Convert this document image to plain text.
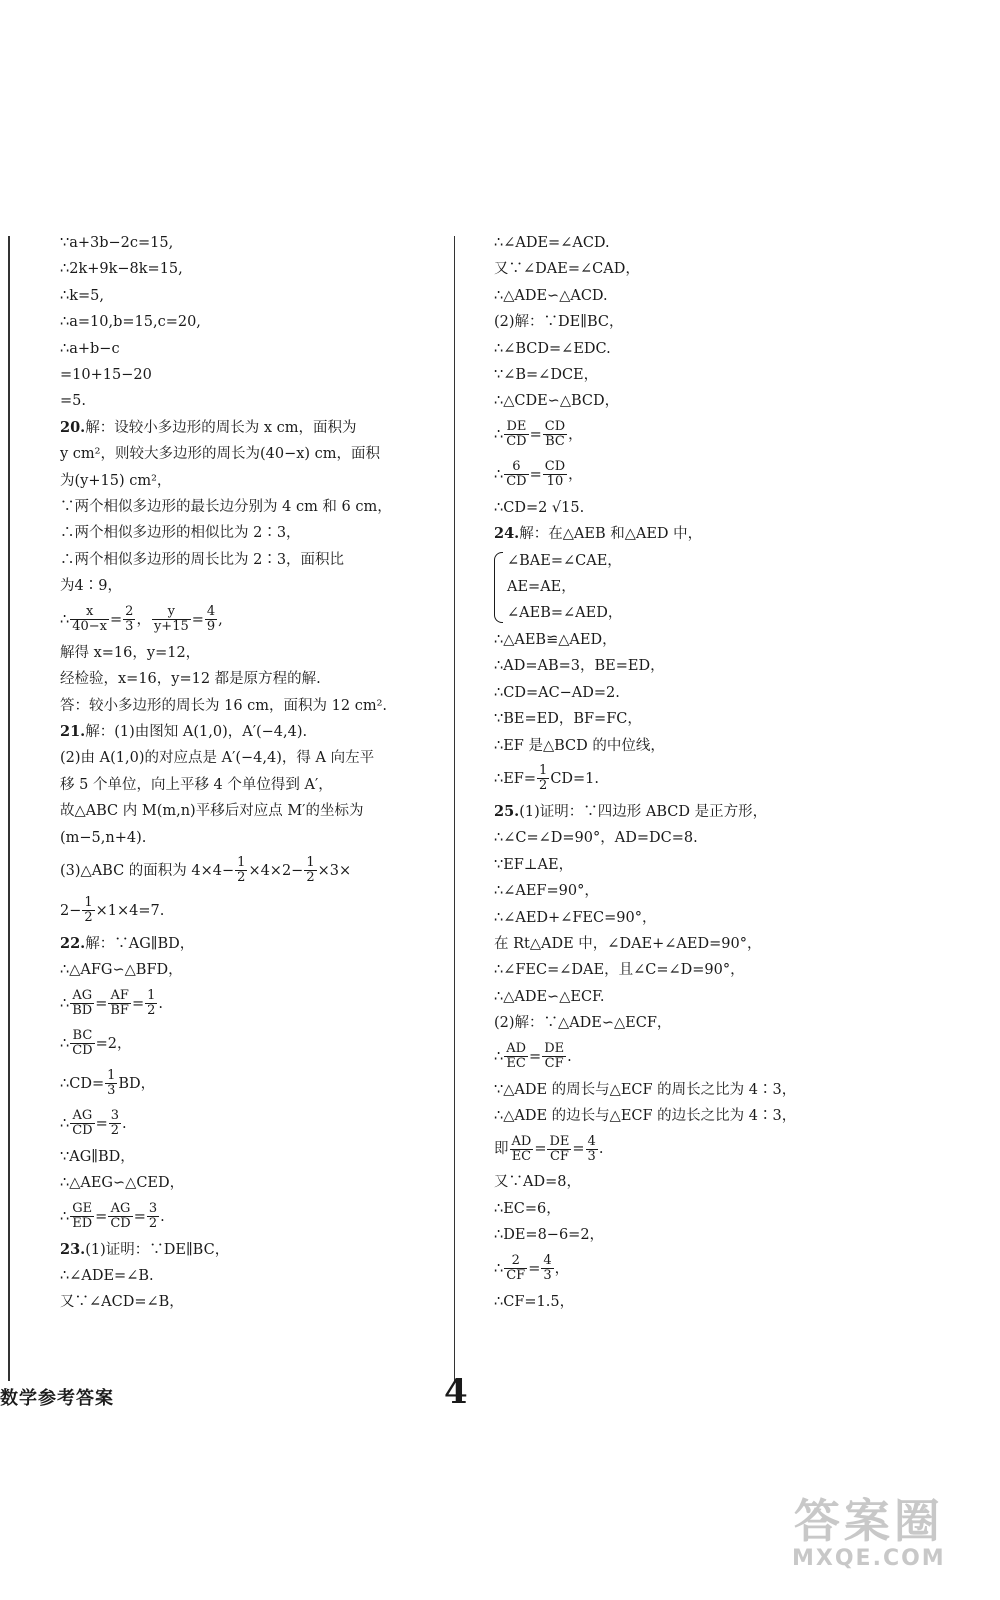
∵a+3b−2c=15,
∴2k+9k−8k=15,
∴k=5,
∴a=10,b=15,c=20,
∴a+b−c
=10+15−20
=5.
20.解：设较小多边形的周长为 x cm，面积为
y cm²，则较大多边形的周长为(40−x) cm，面积
为(y+15) cm²，
∵两个相似多边形的最长边分别为 4 cm 和 6 cm，
∴两个相似多边形的相似比为 2∶3，
∴两个相似多边形的周长比为 2∶3，面积比
为4∶9，
∴ $\frac{x}{40-x} = \frac{2}{3}$ ， $\frac{y}{y+15} = \frac{4}{9}$ ,
解得 x=16，y=12，
经检验，x=16，y=12 都是原方程的解.
答：较小多边形的周长为 16 cm，面积为 12 cm².
21.解：(1)由图知 A(1,0)，A′(−4,4).
(2)由 A(1,0)的对应点是 A′(−4,4)，得 A 向左平
移 5 个单位，向上平移 4 个单位得到 A′，
故△ABC 内 M(m,n)平移后对应点 M′的坐标为
(m−5,n+4).
(3)△ABC 的面积为 $4\times 4- \frac{1}{2} \times 4\times 2- \frac{1}{2} \times 3\times$
$2- \frac{1}{2} \times 1\times 4=7$.
22.解：∵AG∥BD，
∴△AFG∽△BFD，
∴ $\frac{AG}{BD} = \frac{AF}{BF} = \frac{1}{2}$ .
∴ $\frac{BC}{CD} =2$，
∴CD= $\frac{1}{3}$ BD，
∴ $\frac{AG}{CD} = \frac{3}{2}$ .
∵AG∥BD，
∴△AEG∽△CED，
∴ $\frac{GE}{ED} = \frac{AG}{CD} = \frac{3}{2}$ .
23.(1)证明：∵DE∥BC，
∴∠ADE=∠B.
又∵∠ACD=∠B，
∴∠ADE=∠ACD.
又∵∠DAE=∠CAD，
∴△ADE∽△ACD.
(2)解：∵DE∥BC，
∴∠BCD=∠EDC.
∵∠B=∠DCE，
∴△CDE∽△BCD，
∴ $\frac{DE}{CD} = \frac{CD}{BC}$ ，
∴ $\frac{6}{CD} = \frac{CD}{10}$ ，
∴CD=2 √15.
24.解：在△AEB 和△AED 中，
∠BAE=∠CAE，
AE=AE，
∠AEB=∠AED，
∴△AEB≌△AED，
∴AD=AB=3，BE=ED，
∴CD=AC−AD=2.
∵BE=ED，BF=FC，
∴EF 是△BCD 的中位线，
∴EF= $\frac{1}{2} CD=1$.
25.(1)证明：∵四边形 ABCD 是正方形，
∴∠C=∠D=90°，AD=DC=8.
∵EF⊥AE，
∴∠AEF=90°，
∴∠AED+∠FEC=90°，
在 Rt△ADE 中，∠DAE+∠AED=90°，
∴∠FEC=∠DAE，且∠C=∠D=90°，
∴△ADE∽△ECF.
(2)解：∵△ADE∽△ECF，
∴ $\frac{AD}{EC} = \frac{DE}{CF}$ .
∵△ADE 的周长与△ECF 的周长之比为 4∶3，
∴△ADE 的边长与△ECF 的边长之比为 4∶3，
即 $\frac{AD}{EC} = \frac{DE}{CF} = \frac{4}{3}$ .
又∵AD=8，
∴EC=6，
∴DE=8−6=2，
∴ $\frac{2}{CF} = \frac{4}{3}$ ，
∴CF=1.5，
数学参考答案	4
答案圈
MXQE.COM
